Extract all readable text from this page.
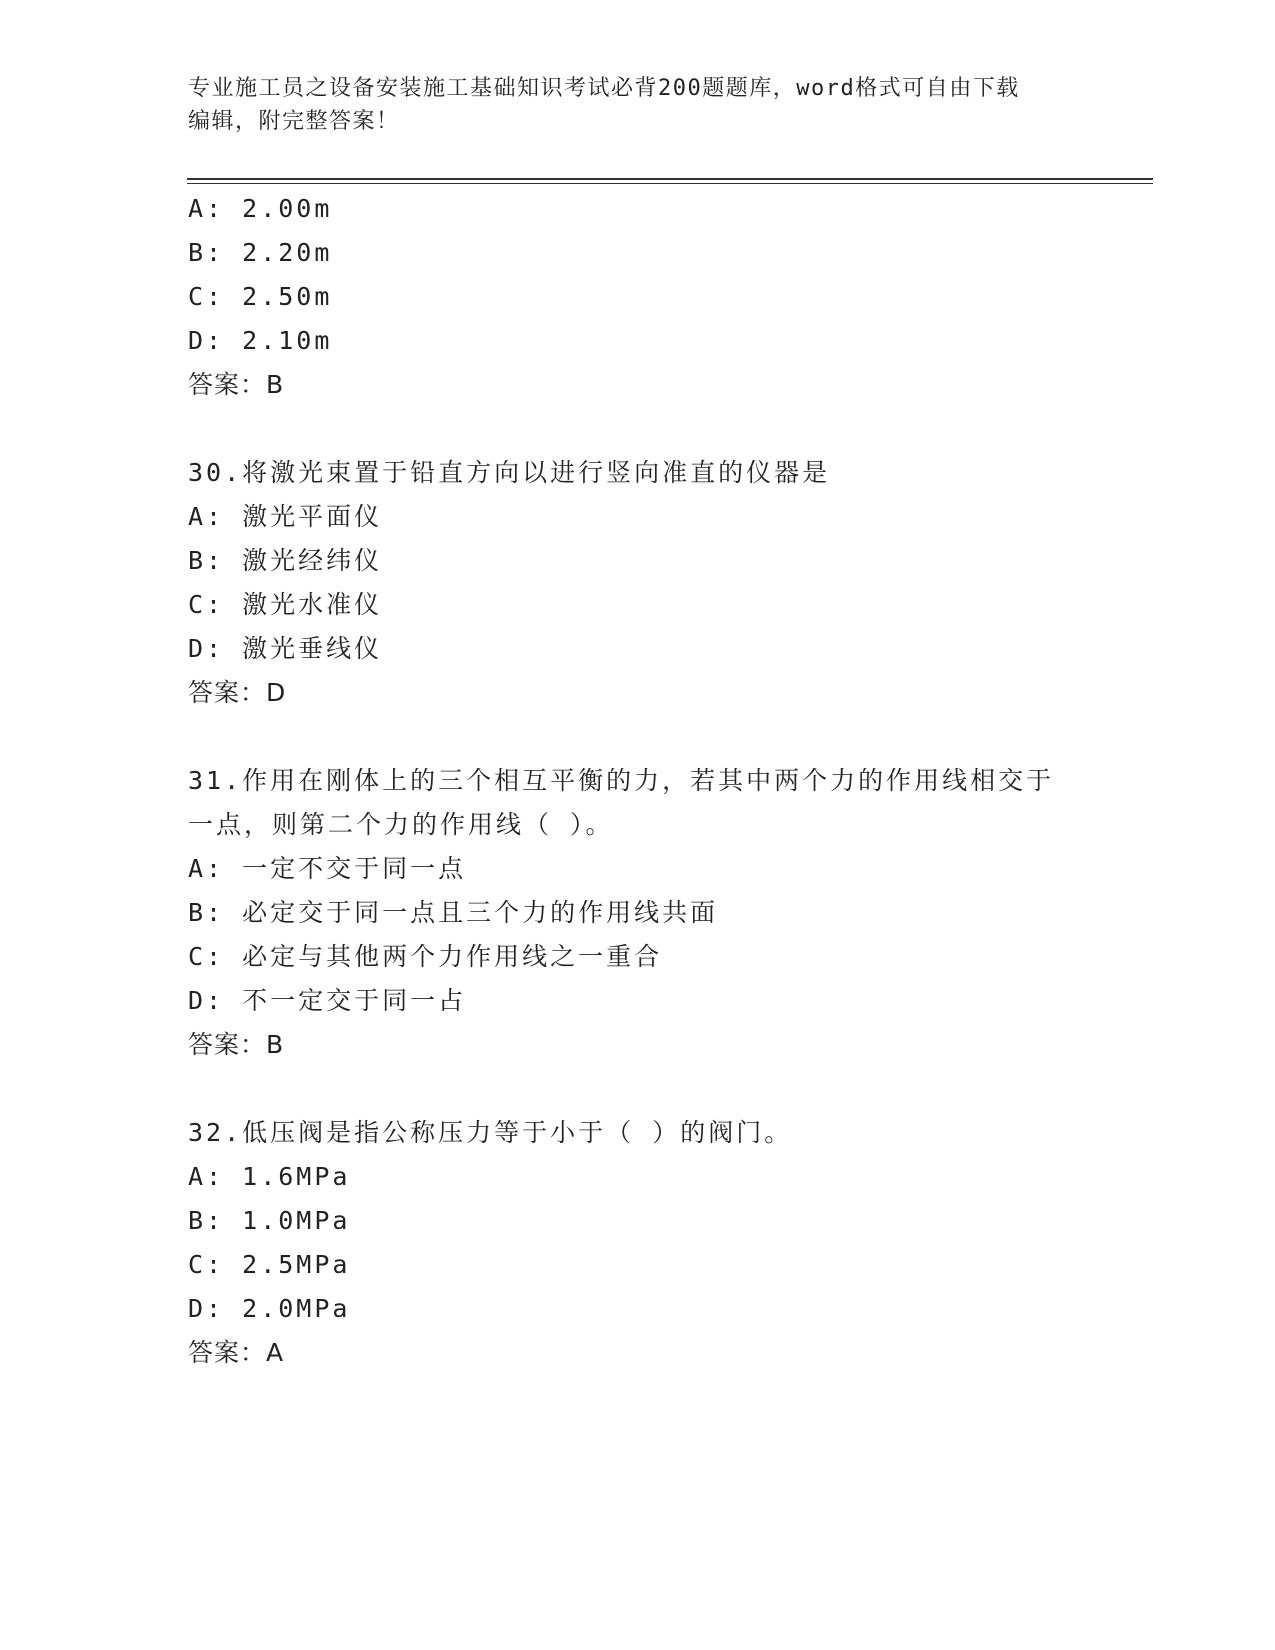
专业施工员之设备安装施工基础知识考试必背200题题库，word格式可自由下载
编辑，附完整答案！
A: 2.00m
B: 2.20m
C: 2.50m
D: 2.10m
答案：B
30.将激光束置于铅直方向以进行竖向准直的仪器是
A: 激光平面仪
B: 激光经纬仪
C: 激光水准仪
D: 激光垂线仪
答案：D
31.作用在刚体上的三个相互平衡的力，若其中两个力的作用线相交于
一点，则第二个力的作用线（ ）。
A: 一定不交于同一点
B: 必定交于同一点且三个力的作用线共面
C: 必定与其他两个力作用线之一重合
D: 不一定交于同一占
答案：B
32.低压阀是指公称压力等于小于（ ）的阀门。
A: 1.6MPa
B: 1.0MPa
C: 2.5MPa
D: 2.0MPa
答案：A
